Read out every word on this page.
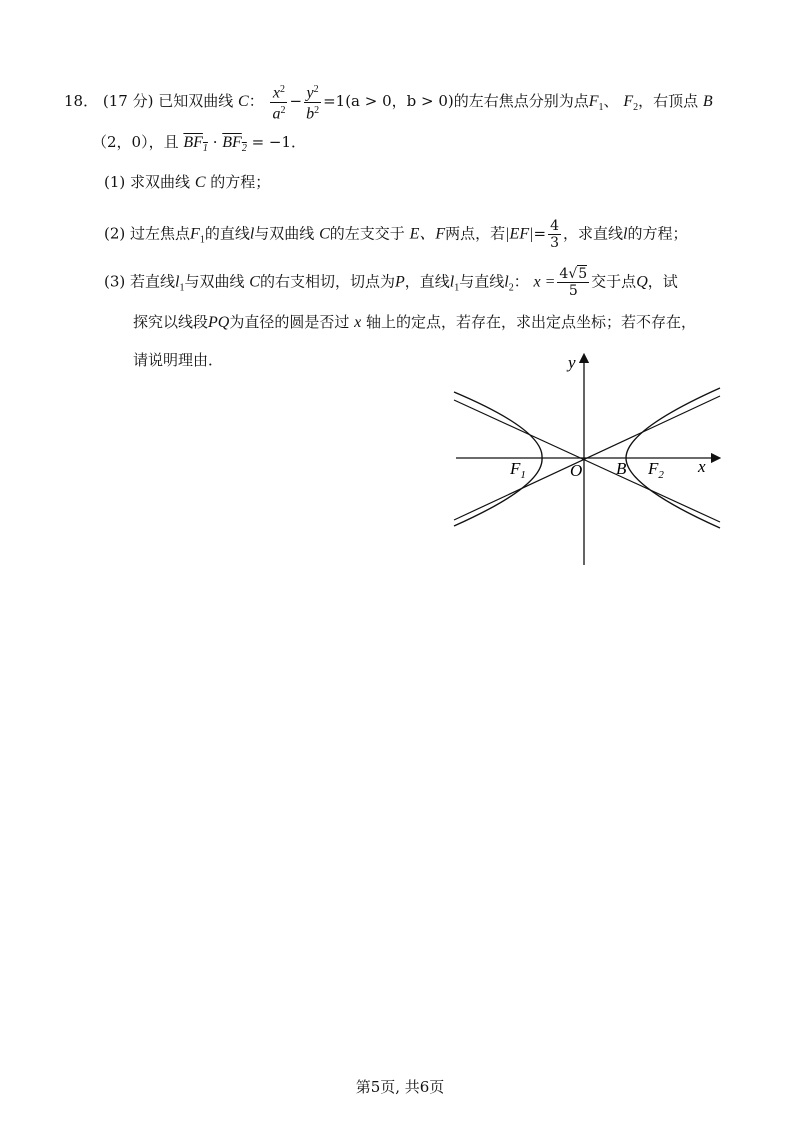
18． (17 分) 已知双曲线 C： $\frac{x^2}{a^2} - \frac{y^2}{b^2} =1(a > 0$，b > 0)的左右焦点分别为点$F_1$、 $F_2$，右顶点 B
（2，0），且 $BF_1 \cdot BF_2 = -1$．
(1) 求双曲线 C 的方程；
(2) 过左焦点$F_1$的直线l与双曲线 C的左支交于 E、F两点，若$|EF|= \frac{4}{3}$ ，求直线l的方程；
(3) 若直线$l_1$与双曲线 C的右支相切，切点为P，直线$l_1$与直线$l_2$： $x = \frac{4√5}{5}$ 交于点Q，试
探究以线段PQ为直径的圆是否过 x 轴上的定点，若存在，求出定点坐标；若不存在，
请说明理由．	y
x
O B
$F_1$	$F_2$
第5页, 共6页
